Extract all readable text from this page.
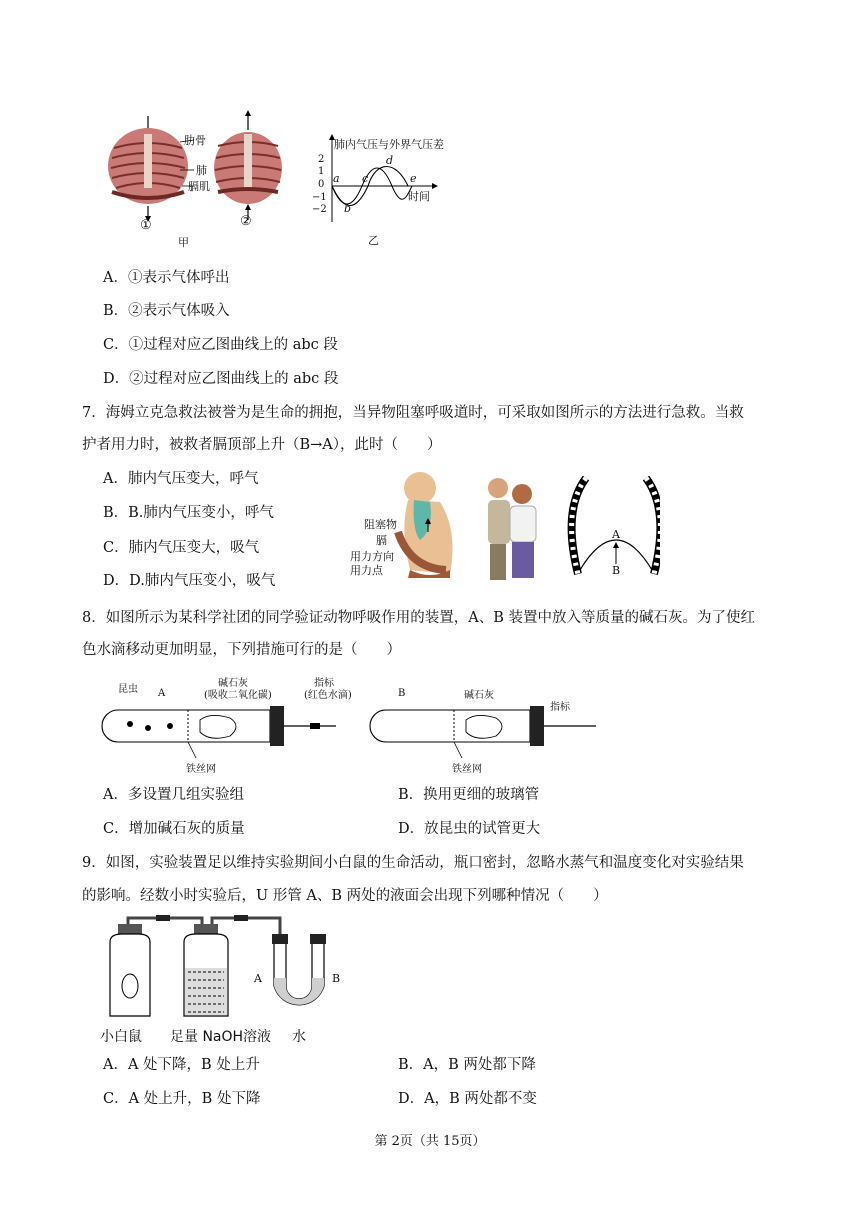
肋骨
肺
膈肌
①	②
甲
肺内气压与外界气压差
2
1
0
−1
−2
a
b
c
d
e
时间
乙
A．①表示气体呼出
B．②表示气体吸入
C．①过程对应乙图曲线上的 abc 段
D．②过程对应乙图曲线上的 abc 段
7．海姆立克急救法被誉为是生命的拥抱，当异物阻塞呼吸道时，可采取如图所示的方法进行急救。当救
护者用力时，被救者膈顶部上升（B→A），此时（　　）
A．肺内气压变大，呼气
B．B.肺内气压变小，呼气
C．肺内气压变大，吸气
D．D.肺内气压变小，吸气
阻塞物
膈
用力方向
用力点
A
B
8．如图所示为某科学社团的同学验证动物呼吸作用的装置，A、B 装置中放入等质量的碱石灰。为了使红
色水滴移动更加明显，下列措施可行的是（　　）
昆虫 A
碱石灰
(吸收二氧化碳)
指标
(红色水滴)
铁丝网
B	碱石灰
指标
铁丝网
A．多设置几组实验组	B．换用更细的玻璃管
C．增加碱石灰的质量	D．放昆虫的试管更大
9．如图，实验装置足以维持实验期间小白鼠的生命活动，瓶口密封，忽略水蒸气和温度变化对实验结果
的影响。经数小时实验后，U 形管 A、B 两处的液面会出现下列哪种情况（　　）
A	B
小白鼠 足量 NaOH溶液 水
A．A 处下降，B 处上升	B．A，B 两处都下降
C．A 处上升，B 处下降	D．A，B 两处都不变
第 2页（共 15页）
